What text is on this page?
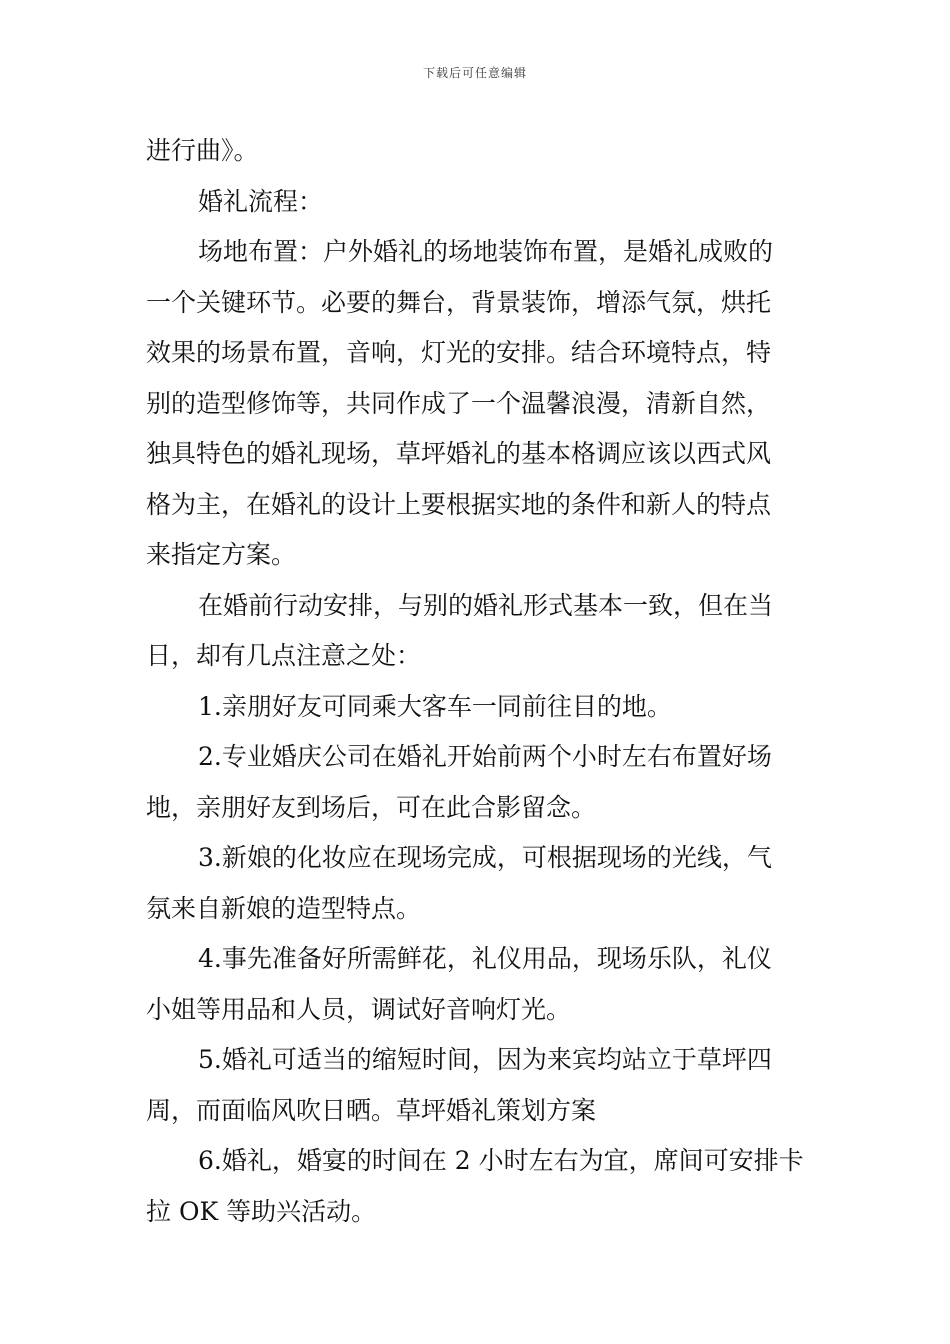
下载后可任意编辑
进行曲》。
婚礼流程：
场地布置：户外婚礼的场地装饰布置，是婚礼成败的
一个关键环节。必要的舞台，背景装饰，增添气氛，烘托
效果的场景布置，音响，灯光的安排。结合环境特点，特
别的造型修饰等，共同作成了一个温馨浪漫，清新自然，
独具特色的婚礼现场，草坪婚礼的基本格调应该以西式风
格为主，在婚礼的设计上要根据实地的条件和新人的特点
来指定方案。
在婚前行动安排，与别的婚礼形式基本一致，但在当
日，却有几点注意之处：
1.亲朋好友可同乘大客车一同前往目的地。
2.专业婚庆公司在婚礼开始前两个小时左右布置好场
地，亲朋好友到场后，可在此合影留念。
3.新娘的化妆应在现场完成，可根据现场的光线，气
氛来自新娘的造型特点。
4.事先准备好所需鲜花，礼仪用品，现场乐队，礼仪
小姐等用品和人员，调试好音响灯光。
5.婚礼可适当的缩短时间，因为来宾均站立于草坪四
周，而面临风吹日晒。草坪婚礼策划方案
6.婚礼，婚宴的时间在 2 小时左右为宜，席间可安排卡
拉 OK 等助兴活动。
